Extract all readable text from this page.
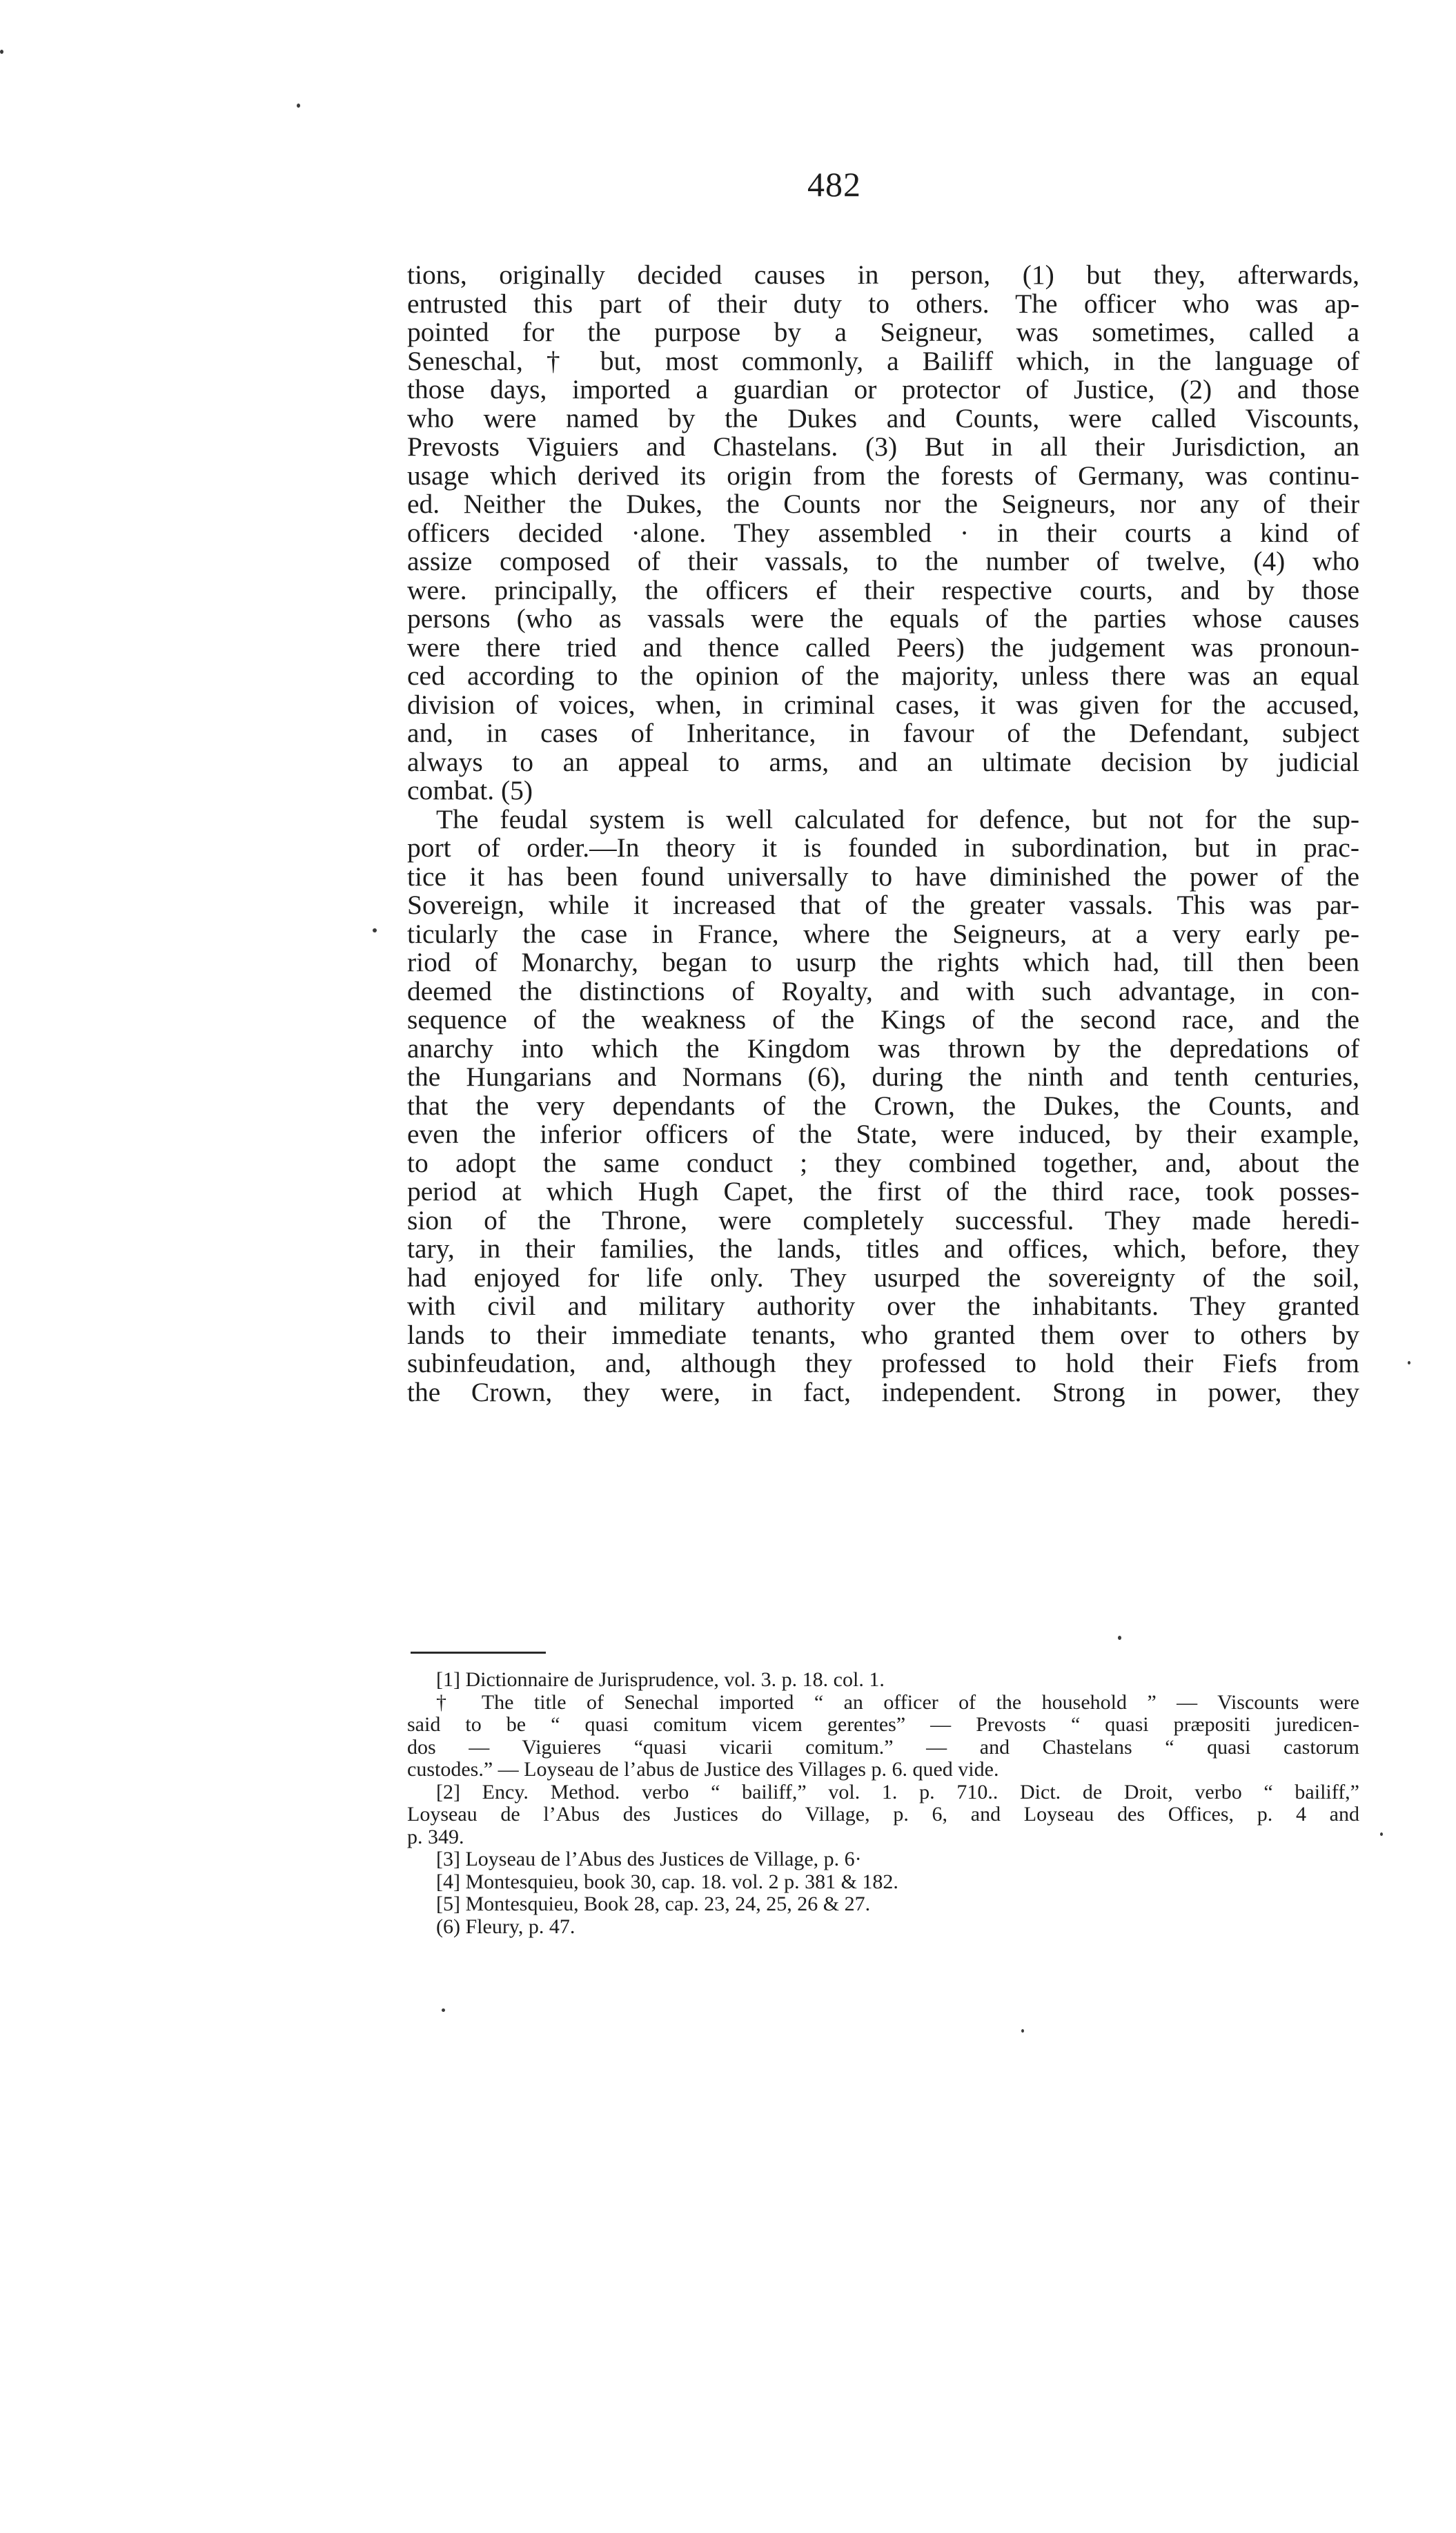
482
tions, originally decided causes in person, (1) but they, afterwards,
entrusted this part of their duty to others. The officer who was ap-
pointed for the purpose by a Seigneur, was sometimes, called a
Seneschal, † but, most commonly, a Bailiff which, in the language of
those days, imported a guardian or protector of Justice, (2) and those
who were named by the Dukes and Counts, were called Viscounts,
Prevosts Viguiers and Chastelans. (3) But in all their Jurisdiction, an
usage which derived its origin from the forests of Germany, was continu-
ed. Neither the Dukes, the Counts nor the Seigneurs, nor any of their
officers decided ·alone. They assembled · in their courts a kind of
assize composed of their vassals, to the number of twelve, (4) who
were. principally, the officers ef their respective courts, and by those
persons (who as vassals were the equals of the parties whose causes
were there tried and thence called Peers) the judgement was pronoun-
ced according to the opinion of the majority, unless there was an equal
division of voices, when, in criminal cases, it was given for the accused,
and, in cases of Inheritance, in favour of the Defendant, subject
always to an appeal to arms, and an ultimate decision by judicial
combat. (5)
The feudal system is well calculated for defence, but not for the sup-
port of order.—In theory it is founded in subordination, but in prac-
tice it has been found universally to have diminished the power of the
Sovereign, while it increased that of the greater vassals. This was par-
ticularly the case in France, where the Seigneurs, at a very early pe-
riod of Monarchy, began to usurp the rights which had, till then been
deemed the distinctions of Royalty, and with such advantage, in con-
sequence of the weakness of the Kings of the second race, and the
anarchy into which the Kingdom was thrown by the depredations of
the Hungarians and Normans (6), during the ninth and tenth centuries,
that the very dependants of the Crown, the Dukes, the Counts, and
even the inferior officers of the State, were induced, by their example,
to adopt the same conduct ; they combined together, and, about the
period at which Hugh Capet, the first of the third race, took posses-
sion of the Throne, were completely successful. They made heredi-
tary, in their families, the lands, titles and offices, which, before, they
had enjoyed for life only. They usurped the sovereignty of the soil,
with civil and military authority over the inhabitants. They granted
lands to their immediate tenants, who granted them over to others by
subinfeudation, and, although they professed to hold their Fiefs from
the Crown, they were, in fact, independent. Strong in power, they
[1] Dictionnaire de Jurisprudence, vol. 3. p. 18. col. 1.
† The title of Senechal imported “ an officer of the household ” — Viscounts were
said to be “ quasi comitum vicem gerentes” — Prevosts “ quasi præpositi juredicen-
dos — Viguieres “quasi vicarii comitum.” — and Chastelans “ quasi castorum
custodes.” — Loyseau de l’abus de Justice des Villages p. 6. qued vide.
[2] Ency. Method. verbo “ bailiff,” vol. 1. p. 710.. Dict. de Droit, verbo “ bailiff,”
Loyseau de l’Abus des Justices do Village, p. 6, and Loyseau des Offices, p. 4 and
p. 349.
[3] Loyseau de l’Abus des Justices de Village, p. 6·
[4] Montesquieu, book 30, cap. 18. vol. 2 p. 381 & 182.
[5] Montesquieu, Book 28, cap. 23, 24, 25, 26 & 27.
(6) Fleury, p. 47.
